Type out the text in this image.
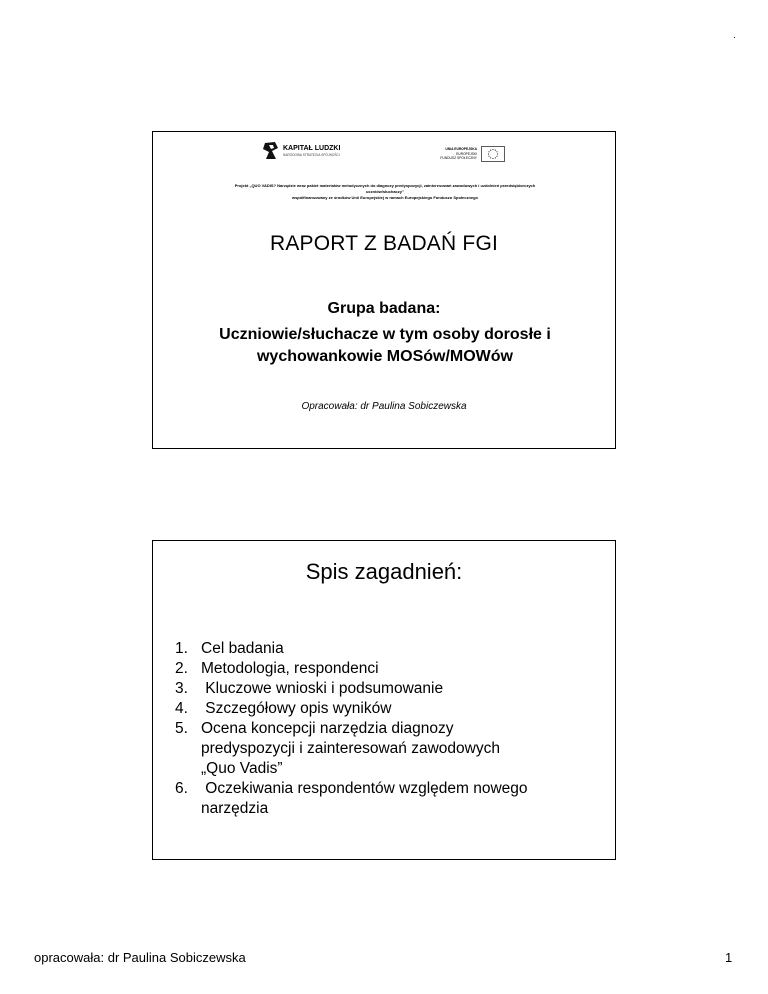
.
KAPITAŁ LUDZKI
NARODOWA STRATEGIA SPÓJNOŚCI
UNIA EUROPEJSKA
EUROPEJSKI
FUNDUSZ SPOŁECZNY
Projekt „QUO VADIS? Narzędzie wraz pakiet materiałów metodycznych do diagnozy predyspozycji, zainteresowań zawodowych i uzdolnień przedsiębiorczych
uczniów/słuchaczy”
współfinansowany ze środków Unii Europejskiej w ramach Europejskiego Funduszu Społecznego
RAPORT Z BADAŃ FGI
Grupa badana:
Uczniowie/słuchacze w tym osoby dorosłe i
wychowankowie MOSów/MOWów
Opracowała: dr Paulina Sobiczewska
Spis zagadnień:
1. Cel badania
2. Metodologia, respondenci
3. Kluczowe wnioski i podsumowanie
4. Szczegółowy opis wyników
5. Ocena koncepcji narzędzia diagnozy
predyspozycji i zainteresowań zawodowych
„Quo Vadis”
6. Oczekiwania respondentów względem nowego
narzędzia
opracowała: dr Paulina Sobiczewska	1
